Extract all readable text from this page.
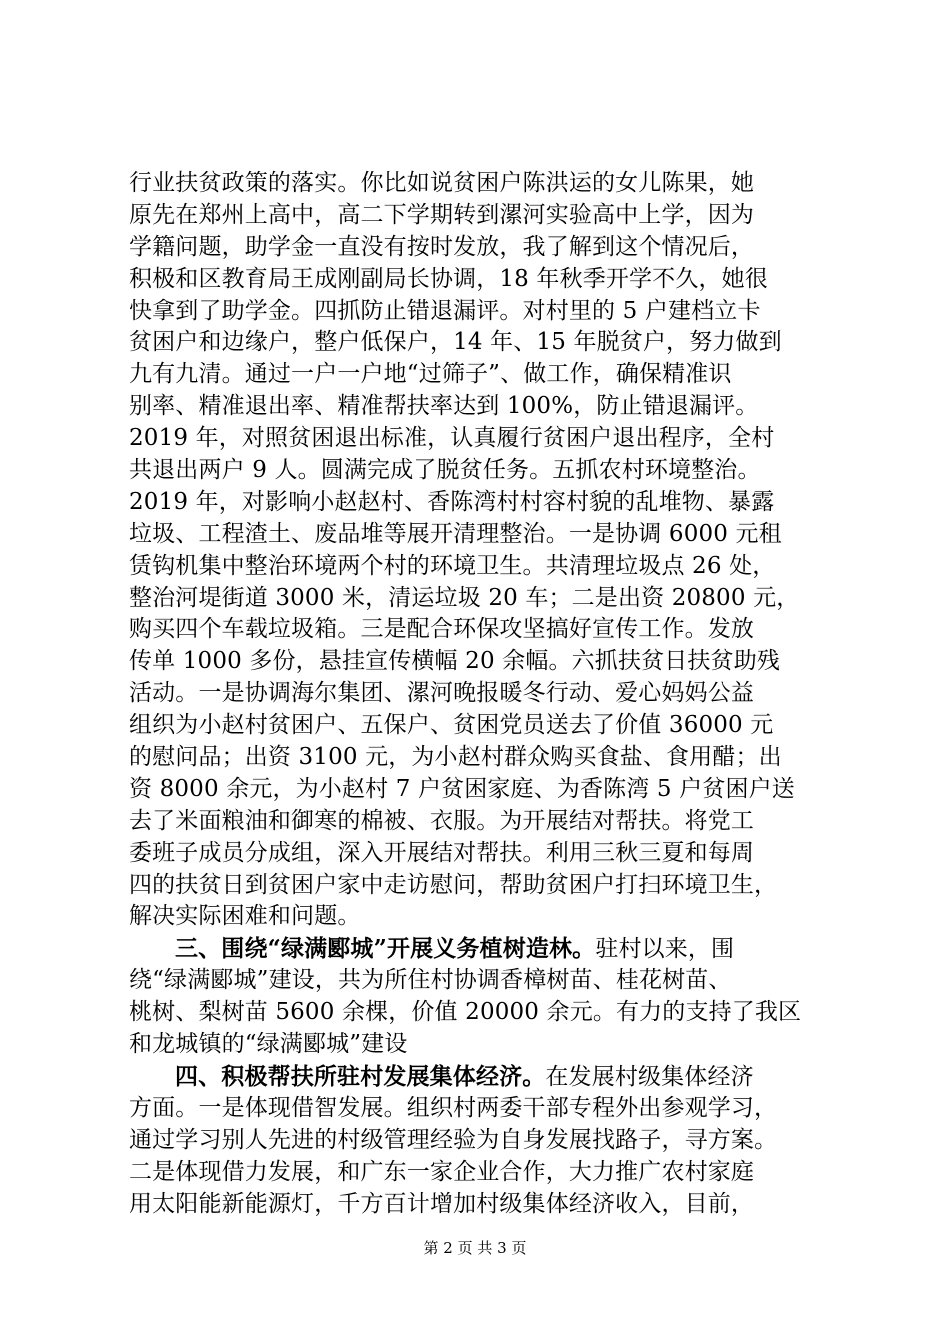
行业扶贫政策的落实。你比如说贫困户陈洪运的女儿陈果，她
原先在郑州上高中，高二下学期转到漯河实验高中上学，因为
学籍问题，助学金一直没有按时发放，我了解到这个情况后，
积极和区教育局王成刚副局长协调，18 年秋季开学不久，她很
快拿到了助学金。四抓防止错退漏评。对村里的 5 户建档立卡
贫困户和边缘户，整户低保户，14 年、15 年脱贫户，努力做到
九有九清。通过一户一户地“过筛子”、做工作，确保精准识
别率、精准退出率、精准帮扶率达到 100%，防止错退漏评。
2019 年，对照贫困退出标准，认真履行贫困户退出程序，全村
共退出两户 9 人。圆满完成了脱贫任务。五抓农村环境整治。
2019 年，对影响小赵赵村、香陈湾村村容村貌的乱堆物、暴露
垃圾、工程渣土、废品堆等展开清理整治。一是协调 6000 元租
赁钩机集中整治环境两个村的环境卫生。共清理垃圾点 26 处，
整治河堤街道 3000 米，清运垃圾 20 车；二是出资 20800 元，
购买四个车载垃圾箱。三是配合环保攻坚搞好宣传工作。发放
传单 1000 多份，悬挂宣传横幅 20 余幅。六抓扶贫日扶贫助残
活动。一是协调海尔集团、漯河晚报暖冬行动、爱心妈妈公益
组织为小赵村贫困户、五保户、贫困党员送去了价值 36000 元
的慰问品；出资 3100 元，为小赵村群众购买食盐、食用醋；出
资 8000 余元，为小赵村 7 户贫困家庭、为香陈湾 5 户贫困户送
去了米面粮油和御寒的棉被、衣服。为开展结对帮扶。将党工
委班子成员分成组，深入开展结对帮扶。利用三秋三夏和每周
四的扶贫日到贫困户家中走访慰问，帮助贫困户打扫环境卫生，
解决实际困难和问题。
三、围绕“绿满郾城”开展义务植树造林。驻村以来，围
绕“绿满郾城”建设，共为所住村协调香樟树苗、桂花树苗、
桃树、梨树苗 5600 余棵，价值 20000 余元。有力的支持了我区
和龙城镇的“绿满郾城”建设
四、积极帮扶所驻村发展集体经济。在发展村级集体经济
方面。一是体现借智发展。组织村两委干部专程外出参观学习，
通过学习别人先进的村级管理经验为自身发展找路子，寻方案。
二是体现借力发展，和广东一家企业合作，大力推广农村家庭
用太阳能新能源灯，千方百计增加村级集体经济收入，目前，
第 2 页 共 3 页
